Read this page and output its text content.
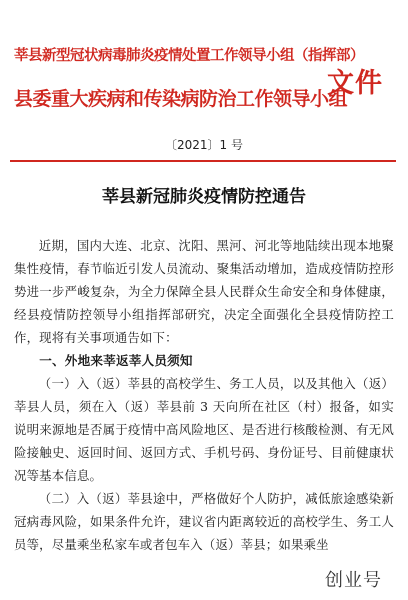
莘县新型冠状病毒肺炎疫情处置工作领导小组（指挥部）
县委重大疾病和传染病防治工作领导小组
文件
〔2021〕1 号
莘县新冠肺炎疫情防控通告

近期，国内大连、北京、沈阳、黑河、河北等地陆续出现本地聚集性疫情，春节临近引发人员流动、聚集活动增加，造成疫情防控形势进一步严峻复杂，为全力保障全县人民群众生命安全和身体健康，经县疫情防控领导小组指挥部研究，决定全面强化全县疫情防控工作，现将有关事项通告如下：

一、外地来莘返莘人员须知

（一）入（返）莘县的高校学生、务工人员，以及其他入（返）莘县人员，须在入（返）莘县前 3 天向所在社区（村）报备，如实说明来源地是否属于疫情中高风险地区、是否进行核酸检测、有无风险接触史、返回时间、返回方式、手机号码、身份证号、目前健康状况等基本信息。

（二）入（返）莘县途中，严格做好个人防护，减低旅途感染新冠病毒风险，如果条件允许，建议省内距离较近的高校学生、务工人员等，尽量乘坐私家车或者包车入（返）莘县；如果乘坐

创业号
